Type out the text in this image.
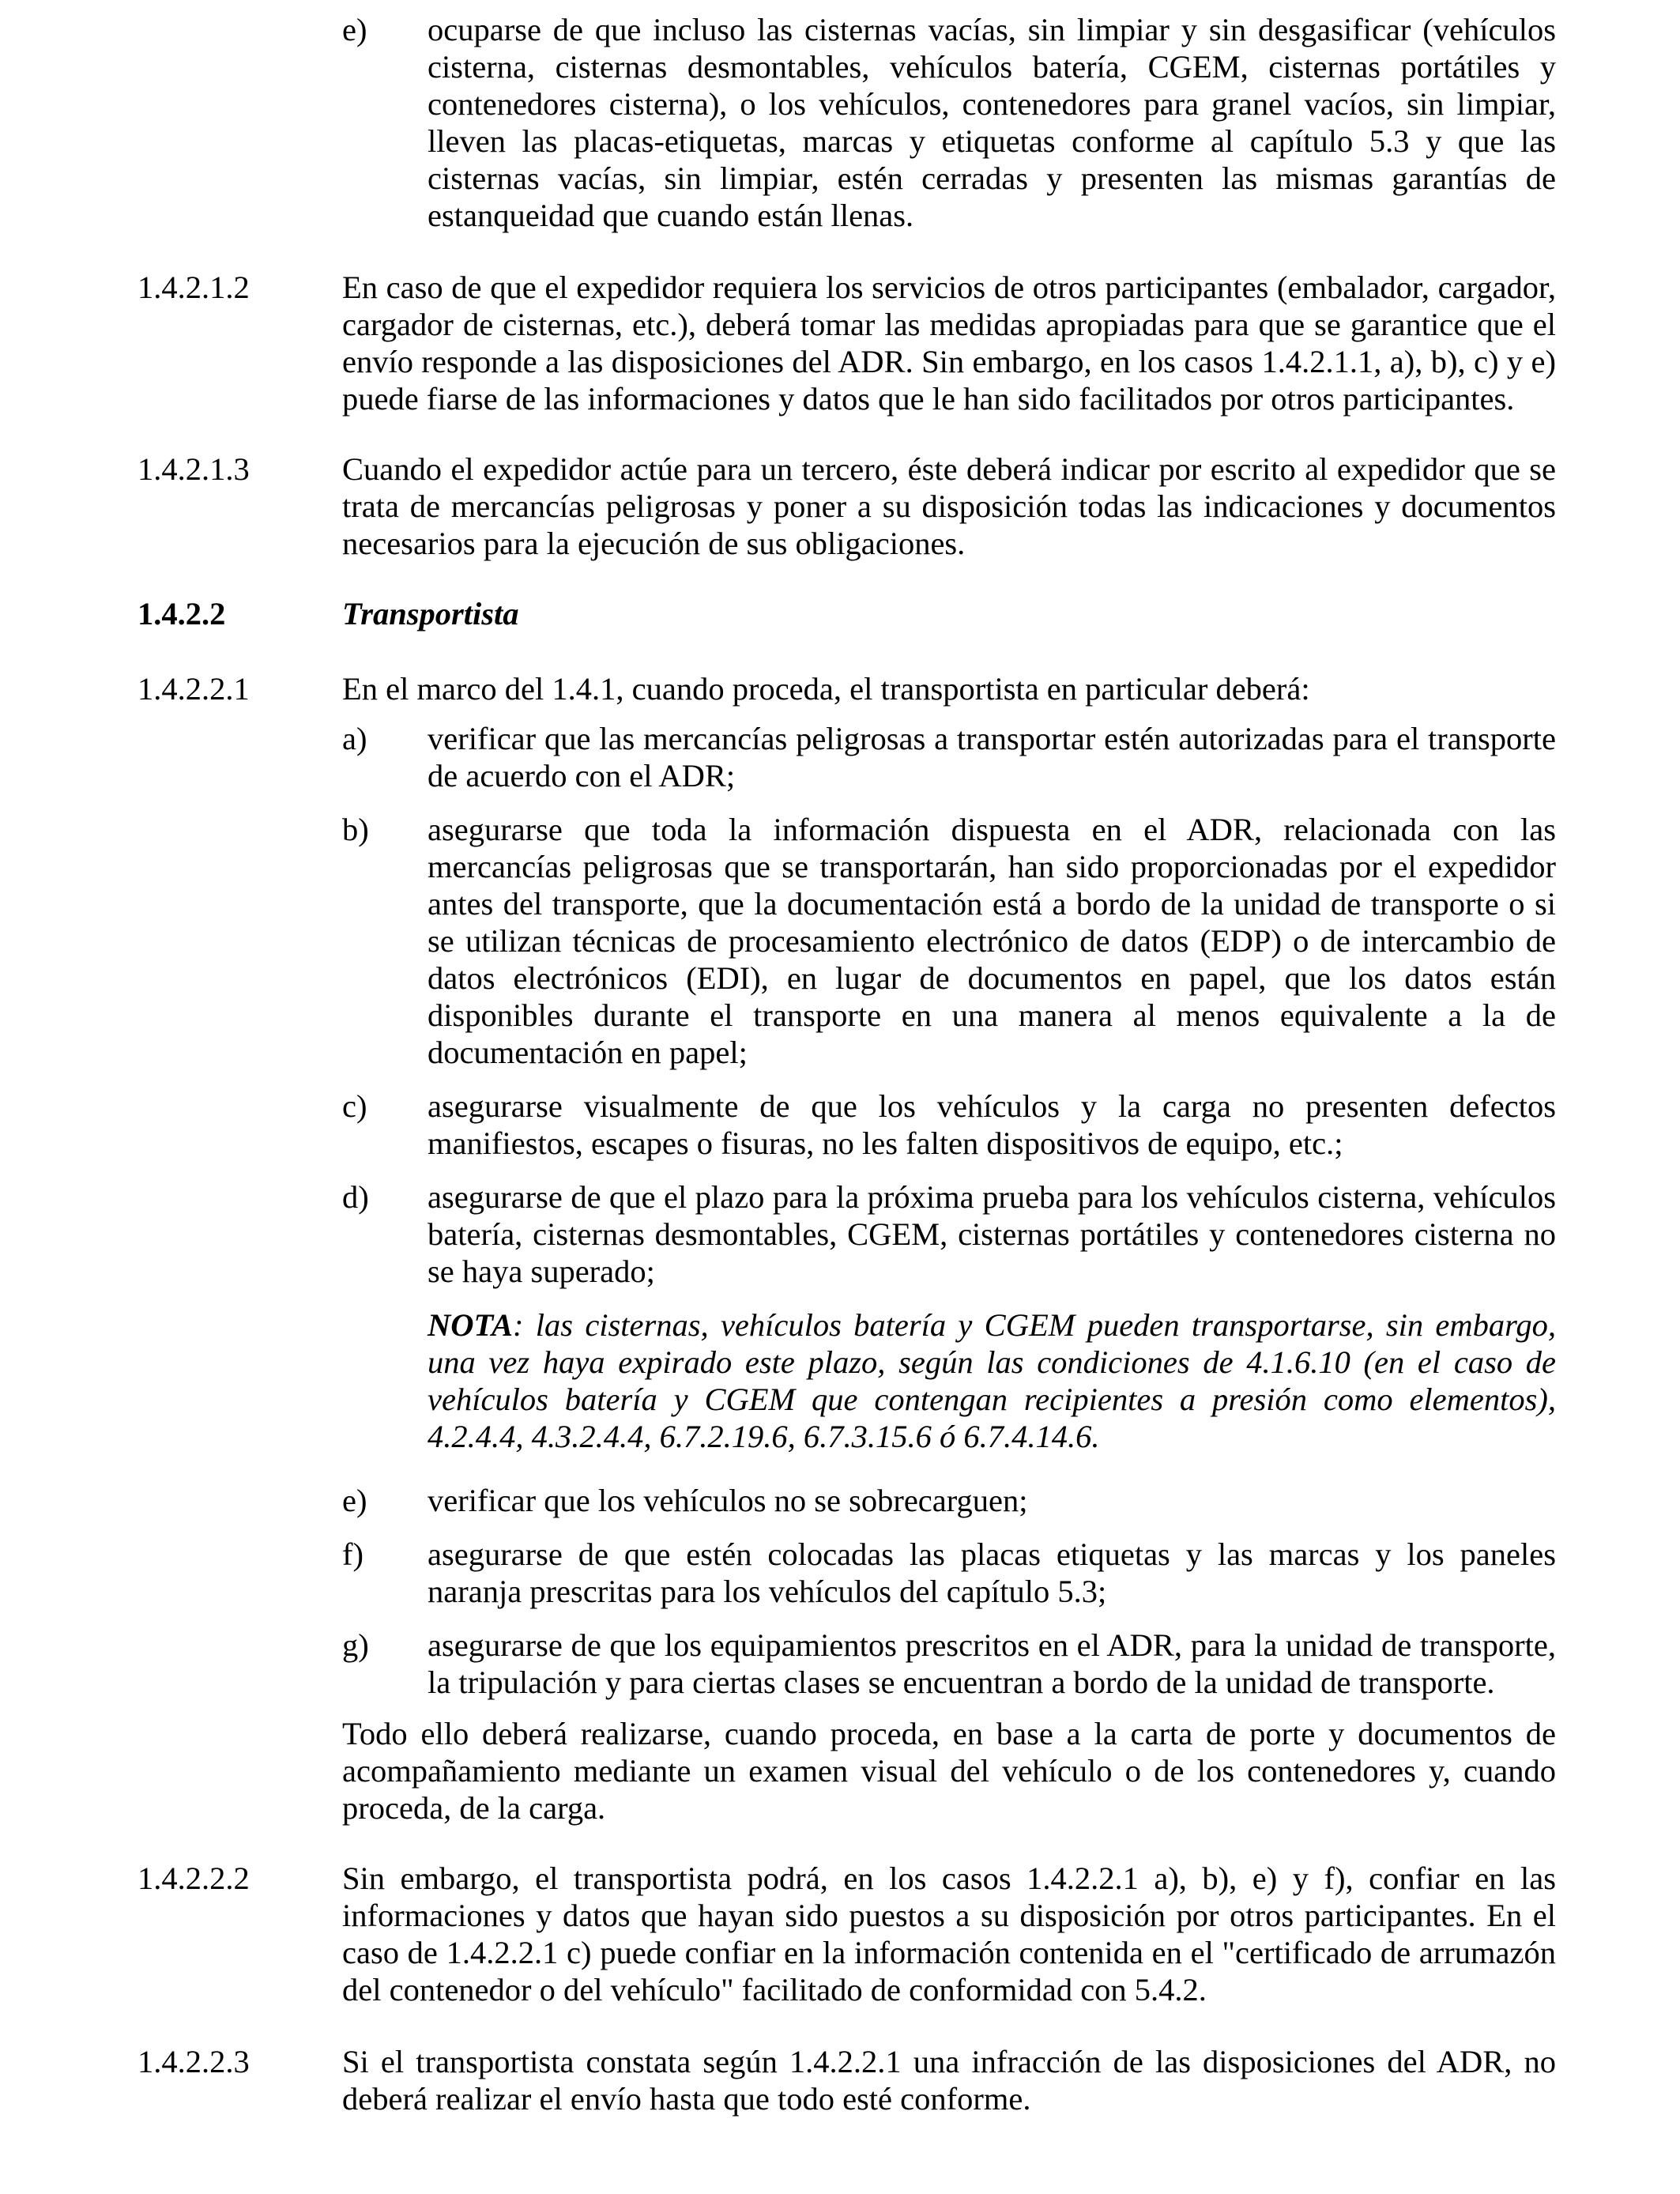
e) ocuparse de que incluso las cisternas vacías, sin limpiar y sin desgasificar (vehículos cisterna, cisternas desmontables, vehículos batería, CGEM, cisternas portátiles y contenedores cisterna), o los vehículos, contenedores para granel vacíos, sin limpiar, lleven las placas-etiquetas, marcas y etiquetas conforme al capítulo 5.3 y que las cisternas vacías, sin limpiar, estén cerradas y presenten las mismas garantías de estanqueidad que cuando están llenas.

1.4.2.1.2	En caso de que el expedidor requiera los servicios de otros participantes (embalador, cargador, cargador de cisternas, etc.), deberá tomar las medidas apropiadas para que se garantice que el envío responde a las disposiciones del ADR. Sin embargo, en los casos 1.4.2.1.1, a), b), c) y e) puede fiarse de las informaciones y datos que le han sido facilitados por otros participantes.

1.4.2.1.3	Cuando el expedidor actúe para un tercero, éste deberá indicar por escrito al expedidor que se trata de mercancías peligrosas y poner a su disposición todas las indicaciones y documentos necesarios para la ejecución de sus obligaciones.

1.4.2.2	Transportista
1.4.2.2.1	En el marco del 1.4.1, cuando proceda, el transportista en particular deberá:

a) verificar que las mercancías peligrosas a transportar estén autorizadas para el transporte de acuerdo con el ADR;

b) asegurarse que toda la información dispuesta en el ADR, relacionada con las mercancías peligrosas que se transportarán, han sido proporcionadas por el expedidor antes del transporte, que la documentación está a bordo de la unidad de transporte o si se utilizan técnicas de procesamiento electrónico de datos (EDP) o de intercambio de datos electrónicos (EDI), en lugar de documentos en papel, que los datos están disponibles durante el transporte en una manera al menos equivalente a la de documentación en papel;

c) asegurarse visualmente de que los vehículos y la carga no presenten defectos manifiestos, escapes o fisuras, no les falten dispositivos de equipo, etc.;

d) asegurarse de que el plazo para la próxima prueba para los vehículos cisterna, vehículos batería, cisternas desmontables, CGEM, cisternas portátiles y contenedores cisterna no se haya superado;

NOTA: las cisternas, vehículos batería y CGEM pueden transportarse, sin embargo, una vez haya expirado este plazo, según las condiciones de 4.1.6.10 (en el caso de vehículos batería y CGEM que contengan recipientes a presión como elementos), 4.2.4.4, 4.3.2.4.4, 6.7.2.19.6, 6.7.3.15.6 ó 6.7.4.14.6.

e) verificar que los vehículos no se sobrecarguen;

f) asegurarse de que estén colocadas las placas etiquetas y las marcas y los paneles naranja prescritas para los vehículos del capítulo 5.3;

g) asegurarse de que los equipamientos prescritos en el ADR, para la unidad de transporte, la tripulación y para ciertas clases se encuentran a bordo de la unidad de transporte.

Todo ello deberá realizarse, cuando proceda, en base a la carta de porte y documentos de acompañamiento mediante un examen visual del vehículo o de los contenedores y, cuando proceda, de la carga.

1.4.2.2.2	Sin embargo, el transportista podrá, en los casos 1.4.2.2.1 a), b), e) y f), confiar en las informaciones y datos que hayan sido puestos a su disposición por otros participantes. En el caso de 1.4.2.2.1 c) puede confiar en la información contenida en el "certificado de arrumazón del contenedor o del vehículo" facilitado de conformidad con 5.4.2.

1.4.2.2.3	Si el transportista constata según 1.4.2.2.1 una infracción de las disposiciones del ADR, no deberá realizar el envío hasta que todo esté conforme.
